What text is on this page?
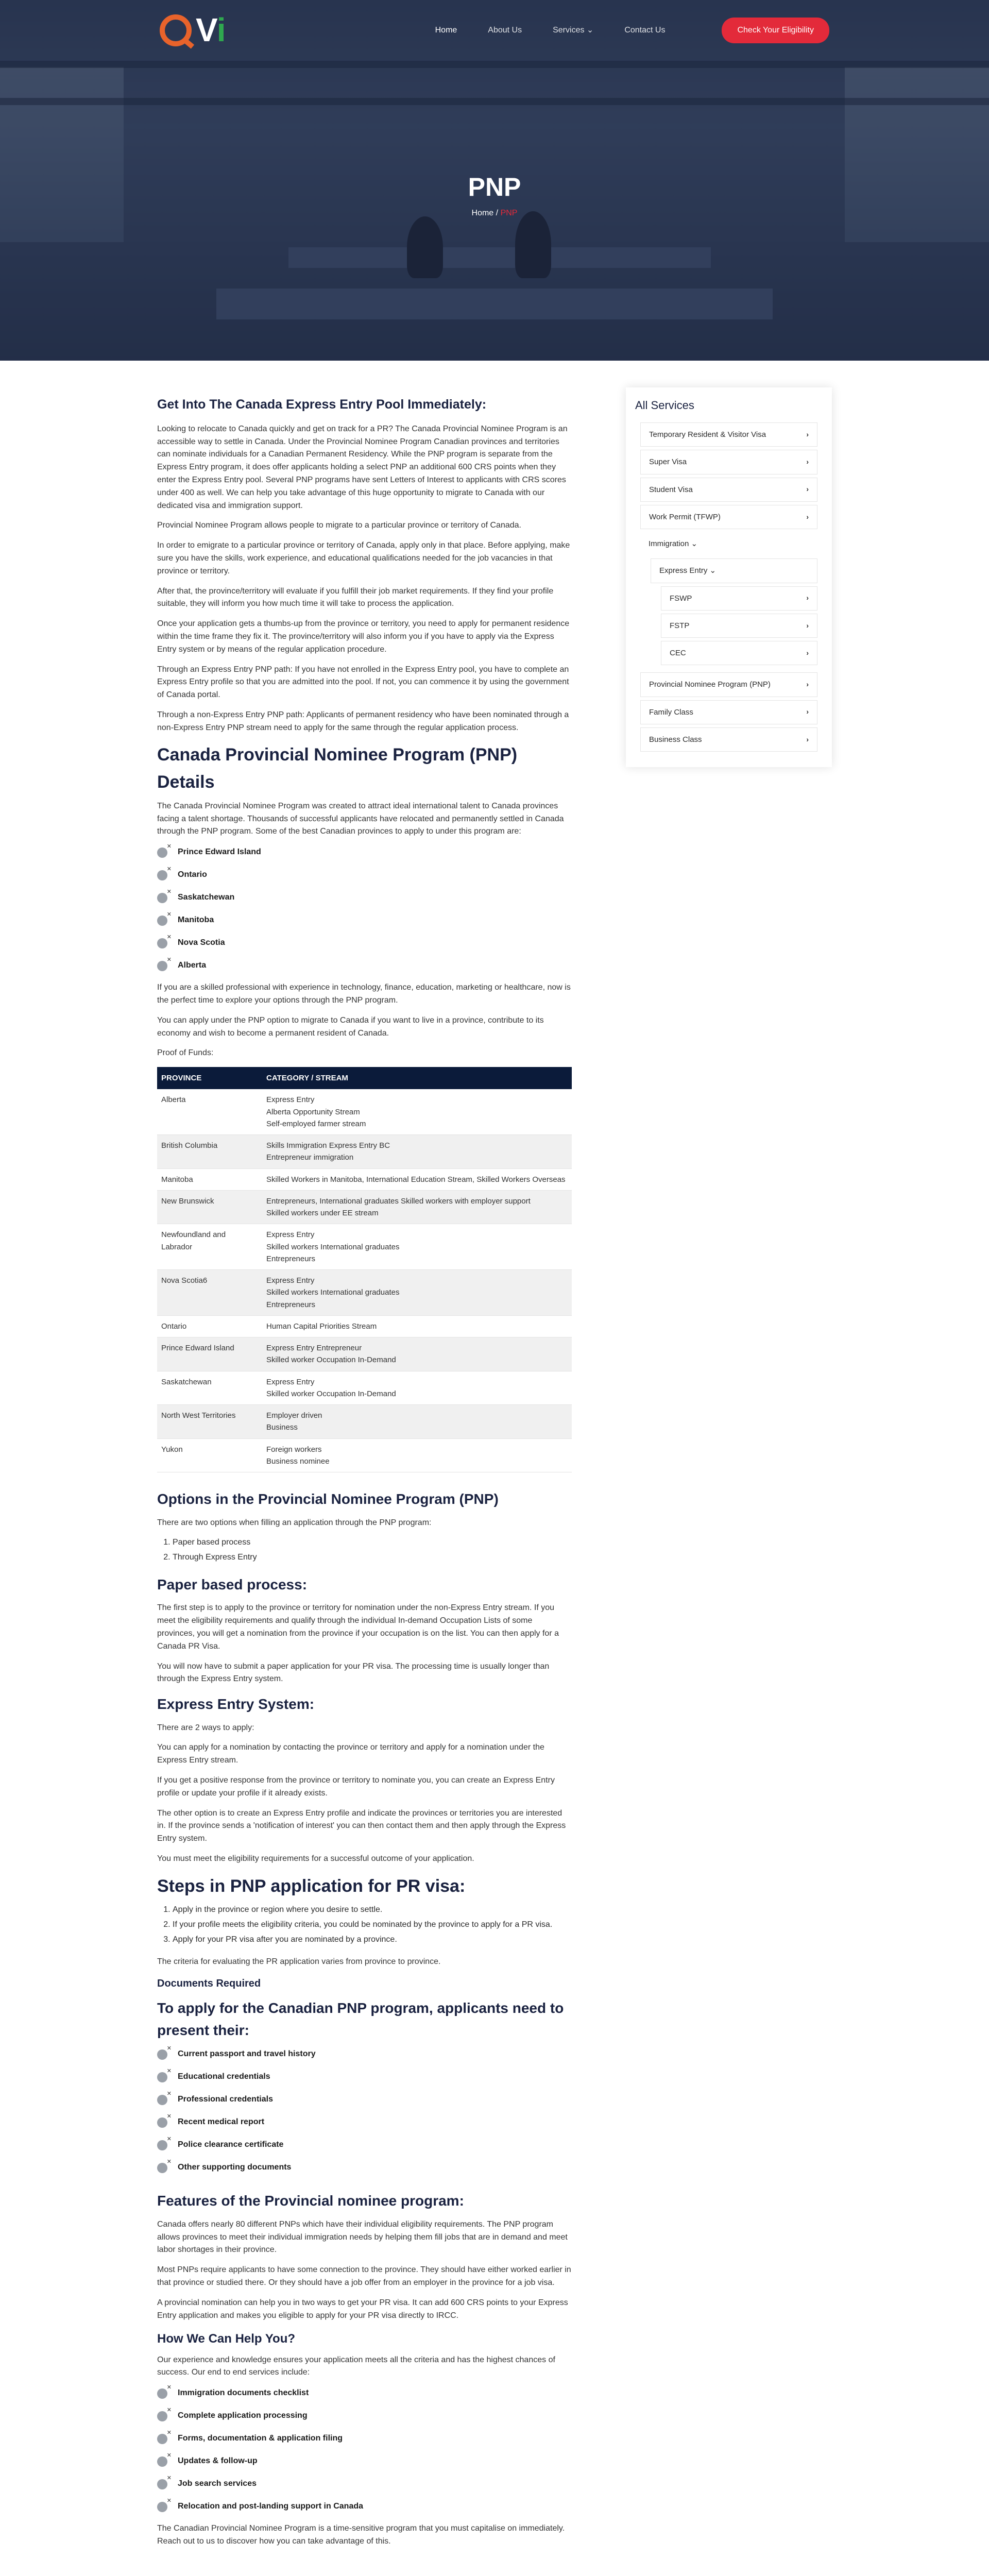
V i	Home	About Us	Services ⌄	Contact Us	Check Your Eligibility
PNP
Home / PNP
Get Into The Canada Express Entry Pool Immediately:

Looking to relocate to Canada quickly and get on track for a PR? The Canada Provincial Nominee Program is an accessible way to settle in Canada. Under the Provincial Nominee Program Canadian provinces and territories can nominate individuals for a Canadian Permanent Residency. While the PNP program is separate from the Express Entry program, it does offer applicants holding a select PNP an additional 600 CRS points when they enter the Express Entry pool. Several PNP programs have sent Letters of Interest to applicants with CRS scores under 400 as well. We can help you take advantage of this huge opportunity to migrate to Canada with our dedicated visa and immigration support.

Provincial Nominee Program allows people to migrate to a particular province or territory of Canada.

In order to emigrate to a particular province or territory of Canada, apply only in that place. Before applying, make sure you have the skills, work experience, and educational qualifications needed for the job vacancies in that province or territory.

After that, the province/territory will evaluate if you fulfill their job market requirements. If they find your profile suitable, they will inform you how much time it will take to process the application.

Once your application gets a thumbs-up from the province or territory, you need to apply for permanent residence within the time frame they fix it. The province/territory will also inform you if you have to apply via the Express Entry system or by means of the regular application procedure.

Through an Express Entry PNP path: If you have not enrolled in the Express Entry pool, you have to complete an Express Entry profile so that you are admitted into the pool. If not, you can commence it by using the government of Canada portal.

Through a non-Express Entry PNP path: Applicants of permanent residency who have been nominated through a non-Express Entry PNP stream need to apply for the same through the regular application process.

Canada Provincial Nominee Program (PNP) Details

The Canada Provincial Nominee Program was created to attract ideal international talent to Canada provinces facing a talent shortage. Thousands of successful applicants have relocated and permanently settled in Canada through the PNP program. Some of the best Canadian provinces to apply to under this program are:

✕
Prince Edward Island
✕
Ontario
✕
Saskatchewan
✕
Manitoba
✕
Nova Scotia
✕
Alberta

If you are a skilled professional with experience in technology, finance, education, marketing or healthcare, now is the perfect time to explore your options through the PNP program.

You can apply under the PNP option to migrate to Canada if you want to live in a province, contribute to its economy and wish to become a permanent resident of Canada.

Proof of Funds:

PROVINCE	CATEGORY / STREAM
Alberta	Express Entry
Alberta Opportunity Stream
Self-employed farmer stream

British Columbia	Skills Immigration Express Entry BC
Entrepreneur immigration

Manitoba	Skilled Workers in Manitoba, International Education Stream, Skilled Workers Overseas

New Brunswick	Entrepreneurs, International graduates Skilled workers with employer support
Skilled workers under EE stream

Newfoundland and Labrador	Express Entry
Skilled workers International graduates
Entrepreneurs

Nova Scotia6	Express Entry
Skilled workers International graduates
Entrepreneurs

Ontario	Human Capital Priorities Stream

Prince Edward Island	Express Entry Entrepreneur
Skilled worker Occupation In-Demand

Saskatchewan	Express Entry
Skilled worker Occupation In-Demand

North West Territories	Employer driven
Business

Yukon	Foreign workers
Business nominee
Options in the Provincial Nominee Program (PNP)

There are two options when filling an application through the PNP program:

1. Paper based process
2. Through Express Entry
Paper based process:

The first step is to apply to the province or territory for nomination under the non-Express Entry stream. If you meet the eligibility requirements and qualify through the individual In-demand Occupation Lists of some provinces, you will get a nomination from the province if your occupation is on the list. You can then apply for a Canada PR Visa.

You will now have to submit a paper application for your PR visa. The processing time is usually longer than through the Express Entry system.

Express Entry System:

There are 2 ways to apply:

You can apply for a nomination by contacting the province or territory and apply for a nomination under the Express Entry stream.

If you get a positive response from the province or territory to nominate you, you can create an Express Entry profile or update your profile if it already exists.

The other option is to create an Express Entry profile and indicate the provinces or territories you are interested in. If the province sends a 'notification of interest' you can then contact them and then apply through the Express Entry system.

You must meet the eligibility requirements for a successful outcome of your application.

Steps in PNP application for PR visa:
1. Apply in the province or region where you desire to settle.
2. If your profile meets the eligibility criteria, you could be nominated by the province to apply for a PR visa.
3. Apply for your PR visa after you are nominated by a province.

The criteria for evaluating the PR application varies from province to province.

Documents Required
To apply for the Canadian PNP program, applicants need to present their:
✕
Current passport and travel history
✕
Educational credentials
✕
Professional credentials
✕
Recent medical report
✕
Police clearance certificate
✕
Other supporting documents
Features of the Provincial nominee program:

Canada offers nearly 80 different PNPs which have their individual eligibility requirements. The PNP program allows provinces to meet their individual immigration needs by helping them fill jobs that are in demand and meet labor shortages in their province.

Most PNPs require applicants to have some connection to the province. They should have either worked earlier in that province or studied there. Or they should have a job offer from an employer in the province for a job visa.

A provincial nomination can help you in two ways to get your PR visa. It can add 600 CRS points to your Express Entry application and makes you eligible to apply for your PR visa directly to IRCC.

How We Can Help You?

Our experience and knowledge ensures your application meets all the criteria and has the highest chances of success. Our end to end services include:

✕
Immigration documents checklist
✕
Complete application processing
✕
Forms, documentation & application filing
✕
Updates & follow-up
✕
Job search services
✕
Relocation and post-landing support in Canada

The Canadian Provincial Nominee Program is a time-sensitive program that you must capitalise on immediately. Reach out to us to discover how you can take advantage of this.

All Services
Temporary Resident & Visitor Visa	›
Super Visa	›
Student Visa	›
Work Permit (TFWP)	›
Immigration ⌄
Express Entry ⌄
FSWP	›
FSTP	›
CEC	›
Provincial Nominee Program (PNP)	›
Family Class	›
Business Class	›
